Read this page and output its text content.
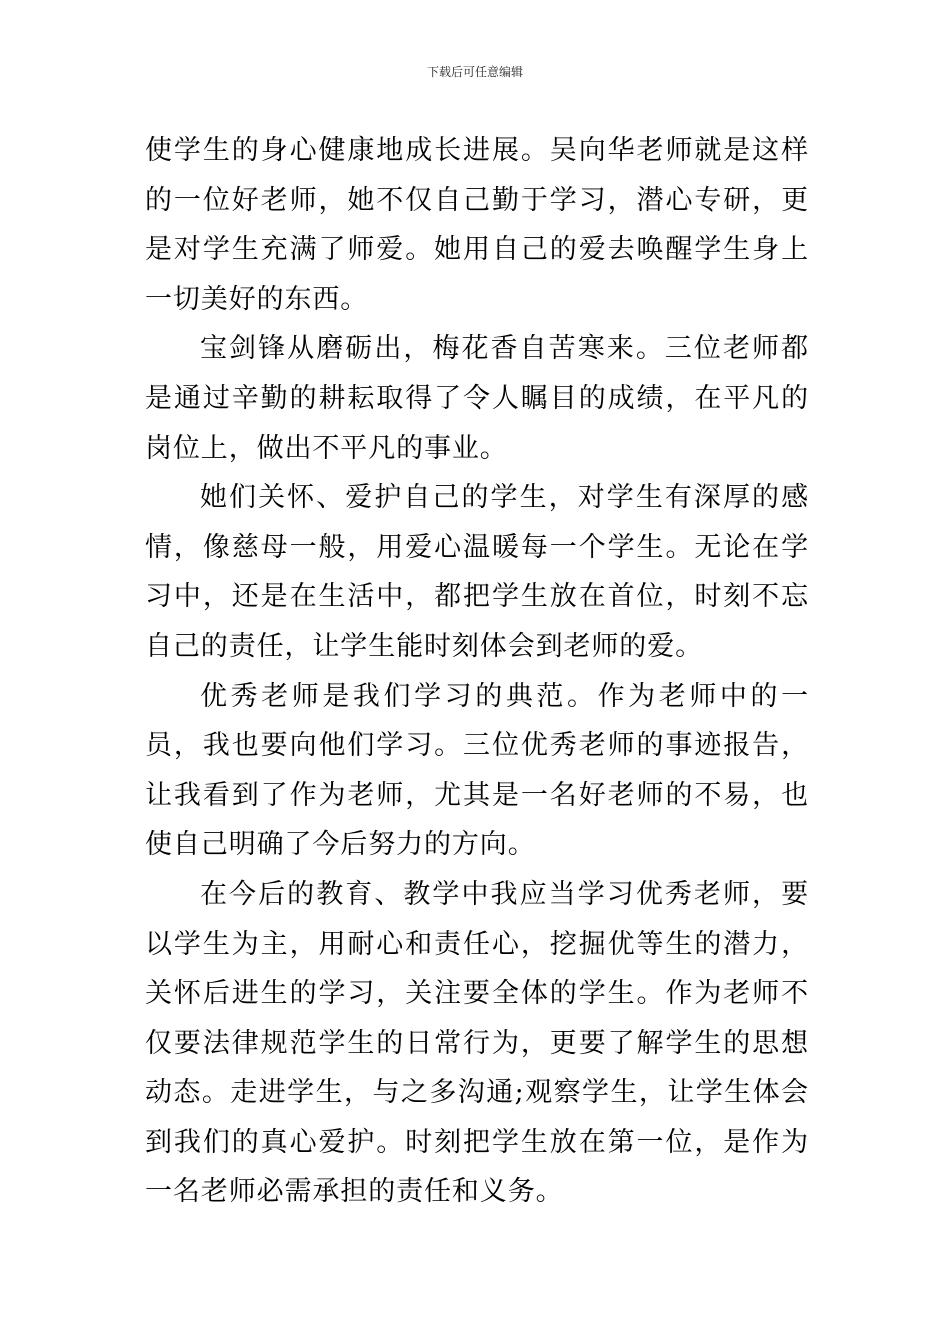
下载后可任意编辑

使学生的身心健康地成长进展。吴向华老师就是这样的一位好老师，她不仅自己勤于学习，潜心专研，更是对学生充满了师爱。她用自己的爱去唤醒学生身上一切美好的东西。

宝剑锋从磨砺出，梅花香自苦寒来。三位老师都是通过辛勤的耕耘取得了令人瞩目的成绩，在平凡的岗位上，做出不平凡的事业。

她们关怀、爱护自己的学生，对学生有深厚的感情，像慈母一般，用爱心温暖每一个学生。无论在学习中，还是在生活中，都把学生放在首位，时刻不忘自己的责任，让学生能时刻体会到老师的爱。

优秀老师是我们学习的典范。作为老师中的一员，我也要向他们学习。三位优秀老师的事迹报告，让我看到了作为老师，尤其是一名好老师的不易，也使自己明确了今后努力的方向。

在今后的教育、教学中我应当学习优秀老师，要以学生为主，用耐心和责任心，挖掘优等生的潜力，关怀后进生的学习，关注要全体的学生。作为老师不仅要法律规范学生的日常行为，更要了解学生的思想动态。走进学生，与之多沟通;观察学生，让学生体会到我们的真心爱护。时刻把学生放在第一位，是作为一名老师必需承担的责任和义务。
